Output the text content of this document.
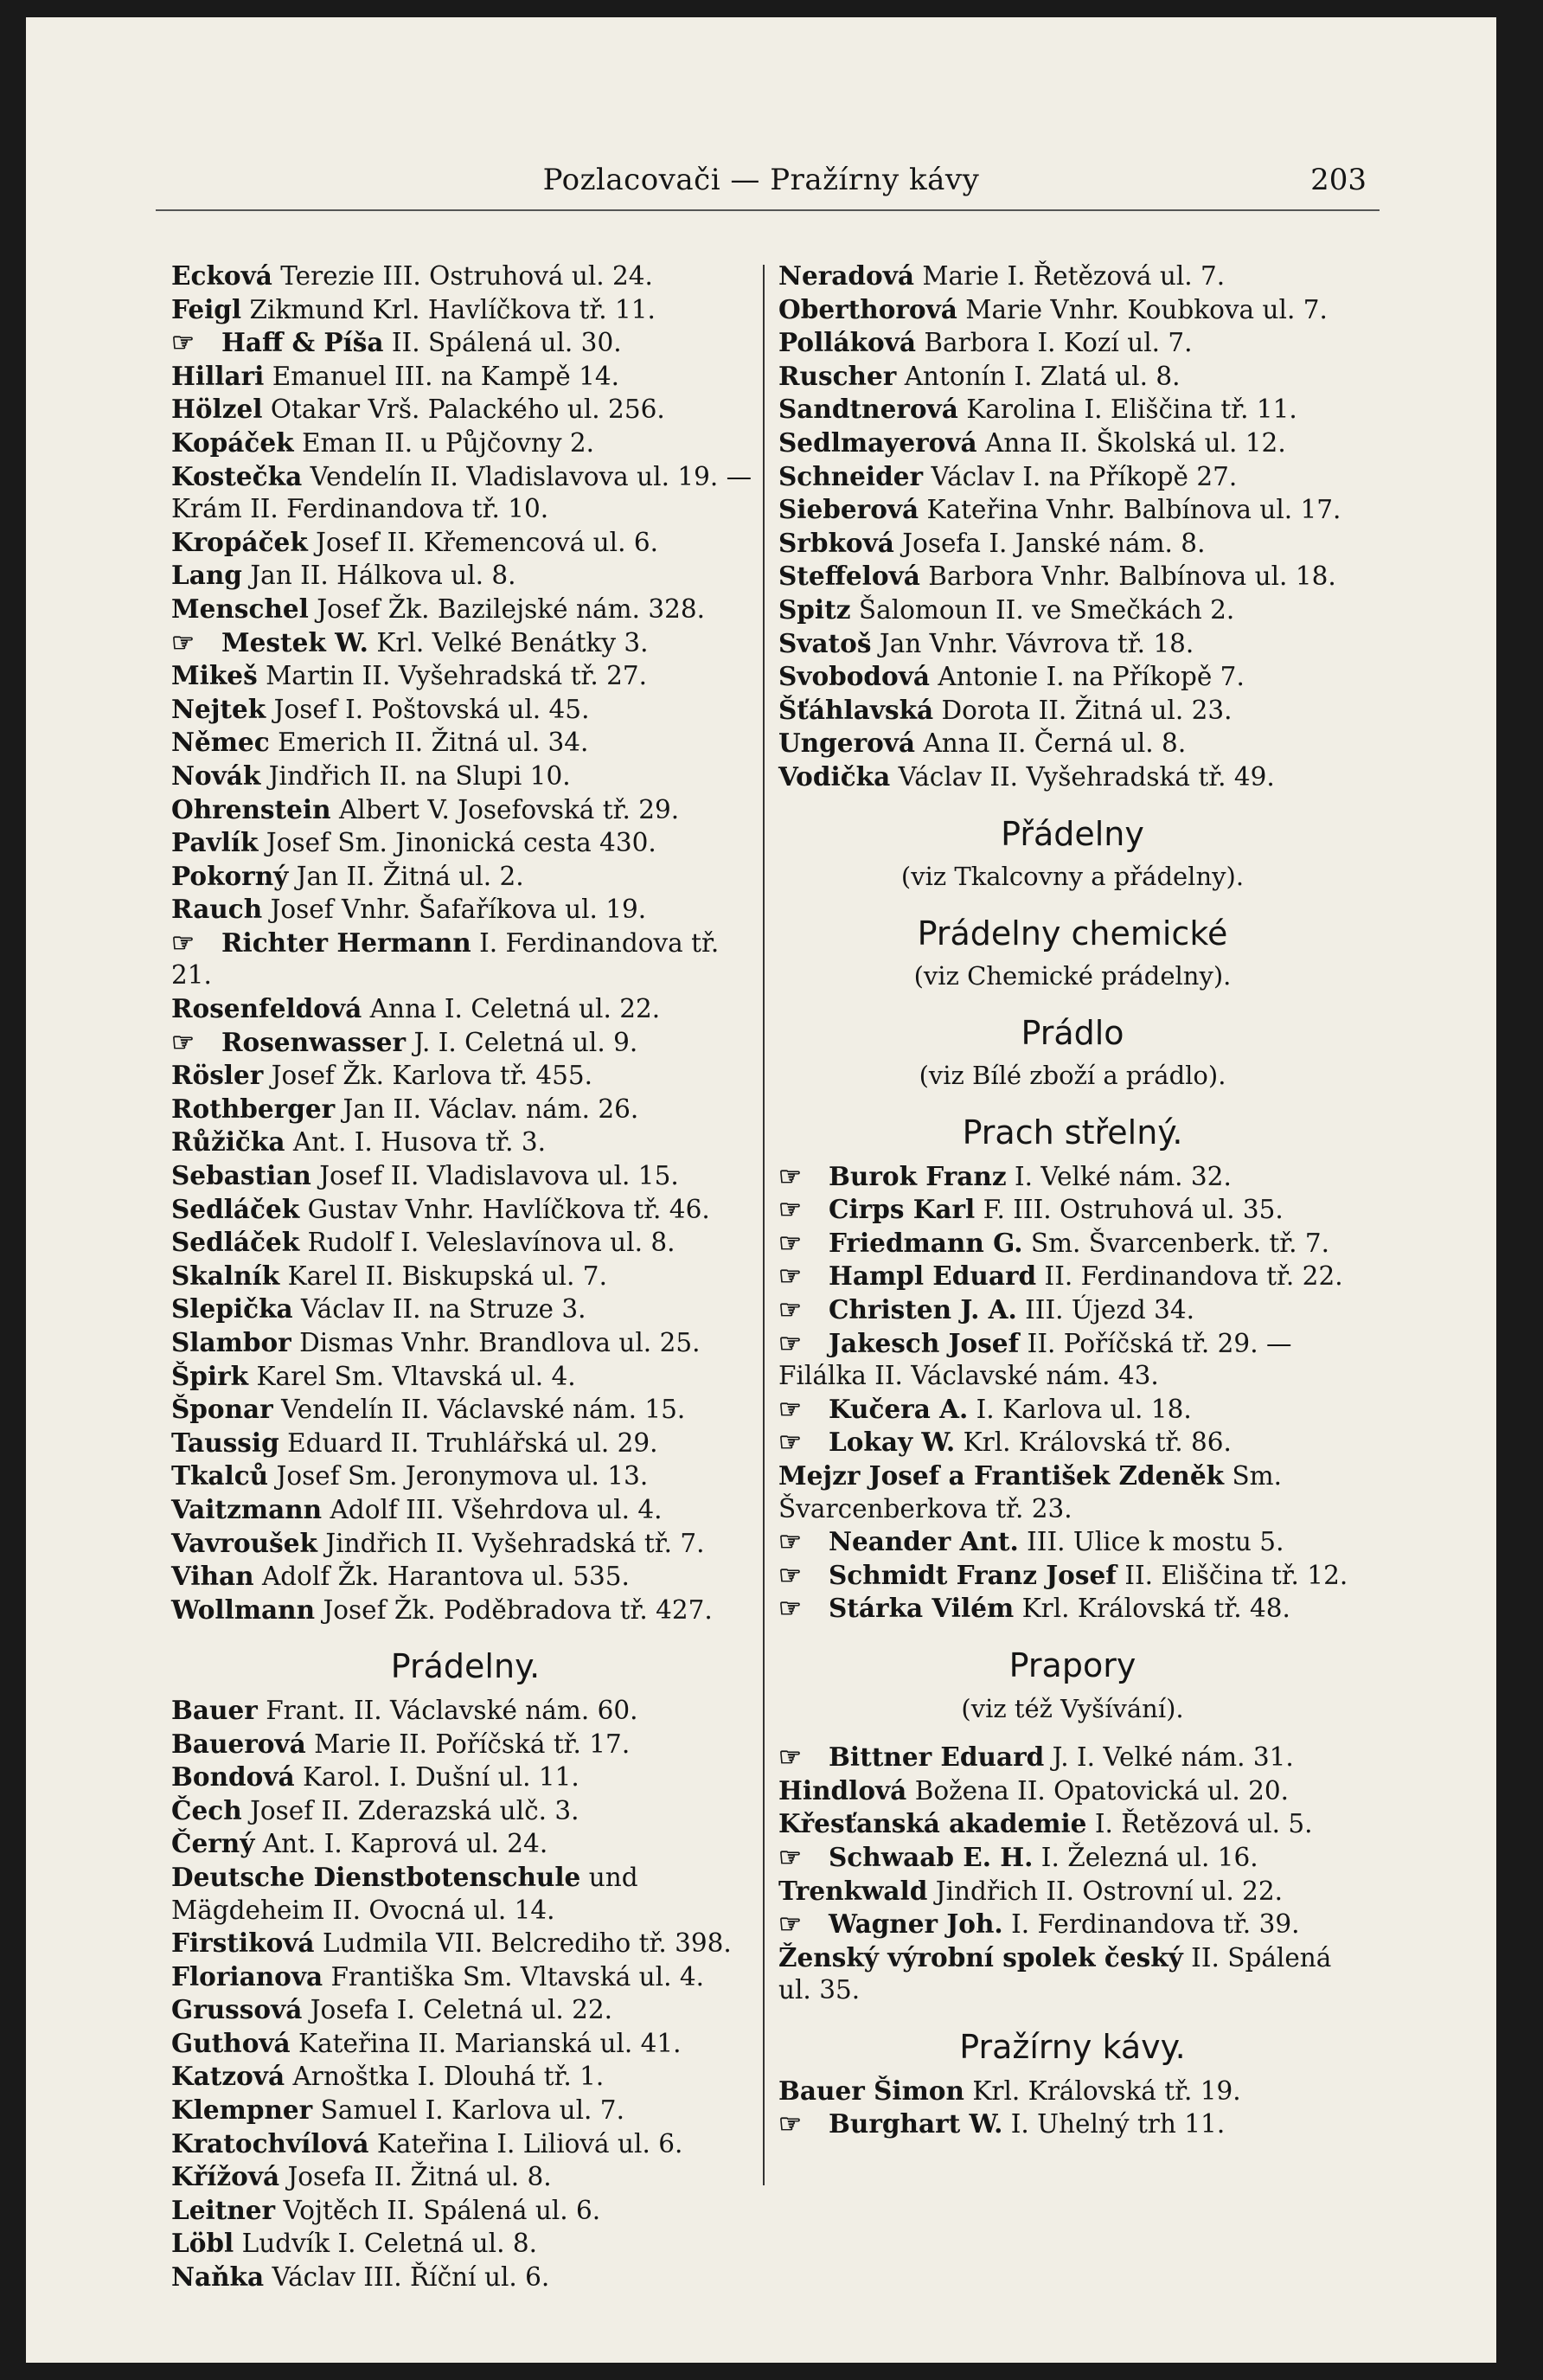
Pozlacovači — Pražírny kávy	203

Ecková Terezie III. Ostruhová ul. 24.

Feigl Zikmund Krl. Havlíčkova tř. 11.

☞ Haff & Píša II. Spálená ul. 30.

Hillari Emanuel III. na Kampě 14.

Hölzel Otakar Vrš. Palackého ul. 256.

Kopáček Eman II. u Půjčovny 2.

Kostečka Vendelín II. Vladislavova ul. 19. — Krám II. Ferdinandova tř. 10.

Kropáček Josef II. Křemencová ul. 6.

Lang Jan II. Hálkova ul. 8.

Menschel Josef Žk. Bazilejské nám. 328.

☞ Mestek W. Krl. Velké Benátky 3.

Mikeš Martin II. Vyšehradská tř. 27.

Nejtek Josef I. Poštovská ul. 45.

Němec Emerich II. Žitná ul. 34.

Novák Jindřich II. na Slupi 10.

Ohrenstein Albert V. Josefovská tř. 29.

Pavlík Josef Sm. Jinonická cesta 430.

Pokorný Jan II. Žitná ul. 2.

Rauch Josef Vnhr. Šafaříkova ul. 19.

☞ Richter Hermann I. Ferdinandova tř. 21.

Rosenfeldová Anna I. Celetná ul. 22.

☞ Rosenwasser J. I. Celetná ul. 9.

Rösler Josef Žk. Karlova tř. 455.

Rothberger Jan II. Václav. nám. 26.

Růžička Ant. I. Husova tř. 3.

Sebastian Josef II. Vladislavova ul. 15.

Sedláček Gustav Vnhr. Havlíčkova tř. 46.

Sedláček Rudolf I. Veleslavínova ul. 8.

Skalník Karel II. Biskupská ul. 7.

Slepička Václav II. na Struze 3.

Slambor Dismas Vnhr. Brandlova ul. 25.

Špirk Karel Sm. Vltavská ul. 4.

Šponar Vendelín II. Václavské nám. 15.

Taussig Eduard II. Truhlářská ul. 29.

Tkalců Josef Sm. Jeronymova ul. 13.

Vaitzmann Adolf III. Všehrdova ul. 4.

Vavroušek Jindřich II. Vyšehradská tř. 7.

Vihan Adolf Žk. Harantova ul. 535.

Wollmann Josef Žk. Poděbradova tř. 427.

Prádelny.

Bauer Frant. II. Václavské nám. 60.

Bauerová Marie II. Poříčská tř. 17.

Bondová Karol. I. Dušní ul. 11.

Čech Josef II. Zderazská ulč. 3.

Černý Ant. I. Kaprová ul. 24.

Deutsche Dienstbotenschule und Mägdeheim II. Ovocná ul. 14.

Firstiková Ludmila VII. Belcrediho tř. 398.

Florianova Františka Sm. Vltavská ul. 4.

Grussová Josefa I. Celetná ul. 22.

Guthová Kateřina II. Marianská ul. 41.

Katzová Arnoštka I. Dlouhá tř. 1.

Klempner Samuel I. Karlova ul. 7.

Kratochvílová Kateřina I. Liliová ul. 6.

Křížová Josefa II. Žitná ul. 8.

Leitner Vojtěch II. Spálená ul. 6.

Löbl Ludvík I. Celetná ul. 8.

Naňka Václav III. Říční ul. 6.

Neradová Marie I. Řetězová ul. 7.

Oberthorová Marie Vnhr. Koubkova ul. 7.

Polláková Barbora I. Kozí ul. 7.

Ruscher Antonín I. Zlatá ul. 8.

Sandtnerová Karolina I. Eliščina tř. 11.

Sedlmayerová Anna II. Školská ul. 12.

Schneider Václav I. na Příkopě 27.

Sieberová Kateřina Vnhr. Balbínova ul. 17.

Srbková Josefa I. Janské nám. 8.

Steffelová Barbora Vnhr. Balbínova ul. 18.

Spitz Šalomoun II. ve Smečkách 2.

Svatoš Jan Vnhr. Vávrova tř. 18.

Svobodová Antonie I. na Příkopě 7.

Šťáhlavská Dorota II. Žitná ul. 23.

Ungerová Anna II. Černá ul. 8.

Vodička Václav II. Vyšehradská tř. 49.

Přádelny
(viz Tkalcovny a přádelny).
Prádelny chemické
(viz Chemické prádelny).
Prádlo
(viz Bílé zboží a prádlo).
Prach střelný.

☞ Burok Franz I. Velké nám. 32.

☞ Cirps Karl F. III. Ostruhová ul. 35.

☞ Friedmann G. Sm. Švarcenberk. tř. 7.

☞ Hampl Eduard II. Ferdinandova tř. 22.

☞ Christen J. A. III. Újezd 34.

☞ Jakesch Josef II. Poříčská tř. 29. — Filálka II. Václavské nám. 43.

☞ Kučera A. I. Karlova ul. 18.

☞ Lokay W. Krl. Královská tř. 86.

Mejzr Josef a František Zdeněk Sm. Švarcenberkova tř. 23.

☞ Neander Ant. III. Ulice k mostu 5.

☞ Schmidt Franz Josef II. Eliščina tř. 12.

☞ Stárka Vilém Krl. Královská tř. 48.

Prapory
(viz též Vyšívání).

☞ Bittner Eduard J. I. Velké nám. 31.

Hindlová Božena II. Opatovická ul. 20.

Křesťanská akademie I. Řetězová ul. 5.

☞ Schwaab E. H. I. Železná ul. 16.

Trenkwald Jindřich II. Ostrovní ul. 22.

☞ Wagner Joh. I. Ferdinandova tř. 39.

Ženský výrobní spolek český II. Spálená ul. 35.

Pražírny kávy.

Bauer Šimon Krl. Královská tř. 19.

☞ Burghart W. I. Uhelný trh 11.
